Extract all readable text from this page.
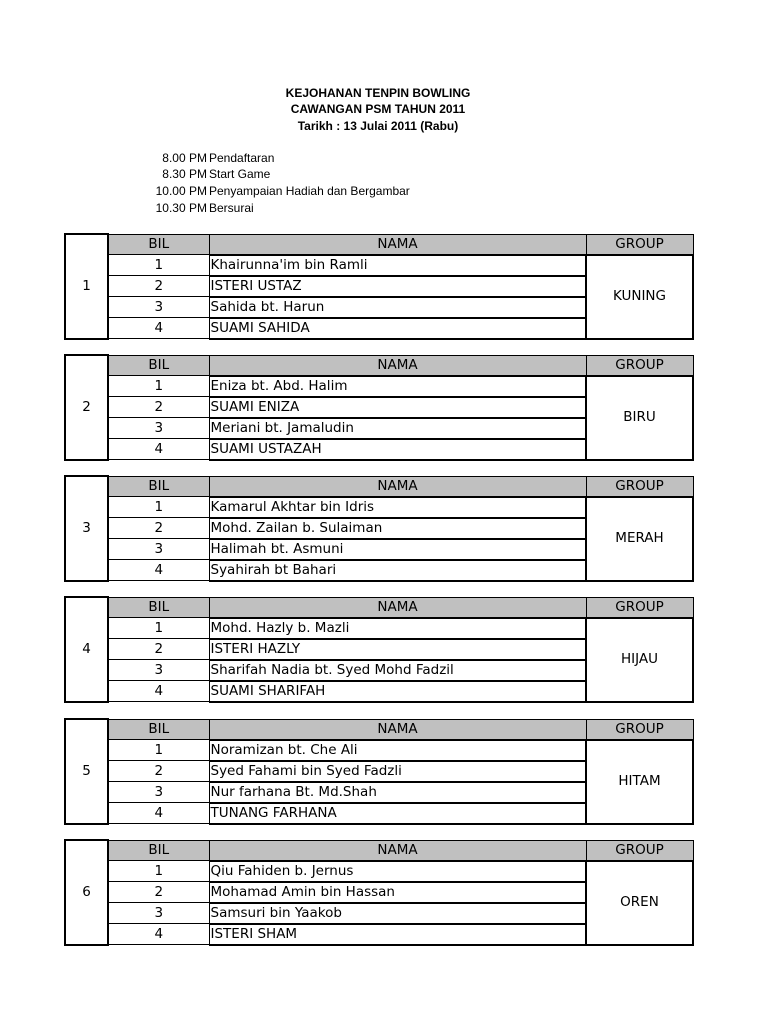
KEJOHANAN TENPIN BOWLING
CAWANGAN PSM TAHUN 2011
Tarikh : 13 Julai 2011 (Rabu)
8.00 PM Pendaftaran
8.30 PM Start Game
10.00 PM Penyampaian Hadiah dan Bergambar
10.30 PM Bersurai
1	BIL	NAMA	GROUP
	1	Khairunna'im bin Ramli	KUNING
	2	ISTERI USTAZ	
	3	Sahida bt. Harun	
	4	SUAMI SAHIDA	
2	BIL	NAMA	GROUP
	1	Eniza bt. Abd. Halim	BIRU
	2	SUAMI ENIZA	
	3	Meriani bt. Jamaludin	
	4	SUAMI USTAZAH	
3	BIL	NAMA	GROUP
	1	Kamarul Akhtar bin Idris	MERAH
	2	Mohd. Zailan b. Sulaiman	
	3	Halimah bt. Asmuni	
	4	Syahirah bt Bahari	
4	BIL	NAMA	GROUP
	1	Mohd. Hazly b. Mazli	HIJAU
	2	ISTERI HAZLY	
	3	Sharifah Nadia bt. Syed Mohd Fadzil	
	4	SUAMI SHARIFAH	
5	BIL	NAMA	GROUP
	1	Noramizan bt. Che Ali	HITAM
	2	Syed Fahami bin Syed Fadzli	
	3	Nur farhana Bt. Md.Shah	
	4	TUNANG FARHANA	
6	BIL	NAMA	GROUP
	1	Qiu Fahiden b. Jernus	OREN
	2	Mohamad Amin bin Hassan	
	3	Samsuri bin Yaakob	
	4	ISTERI SHAM	
